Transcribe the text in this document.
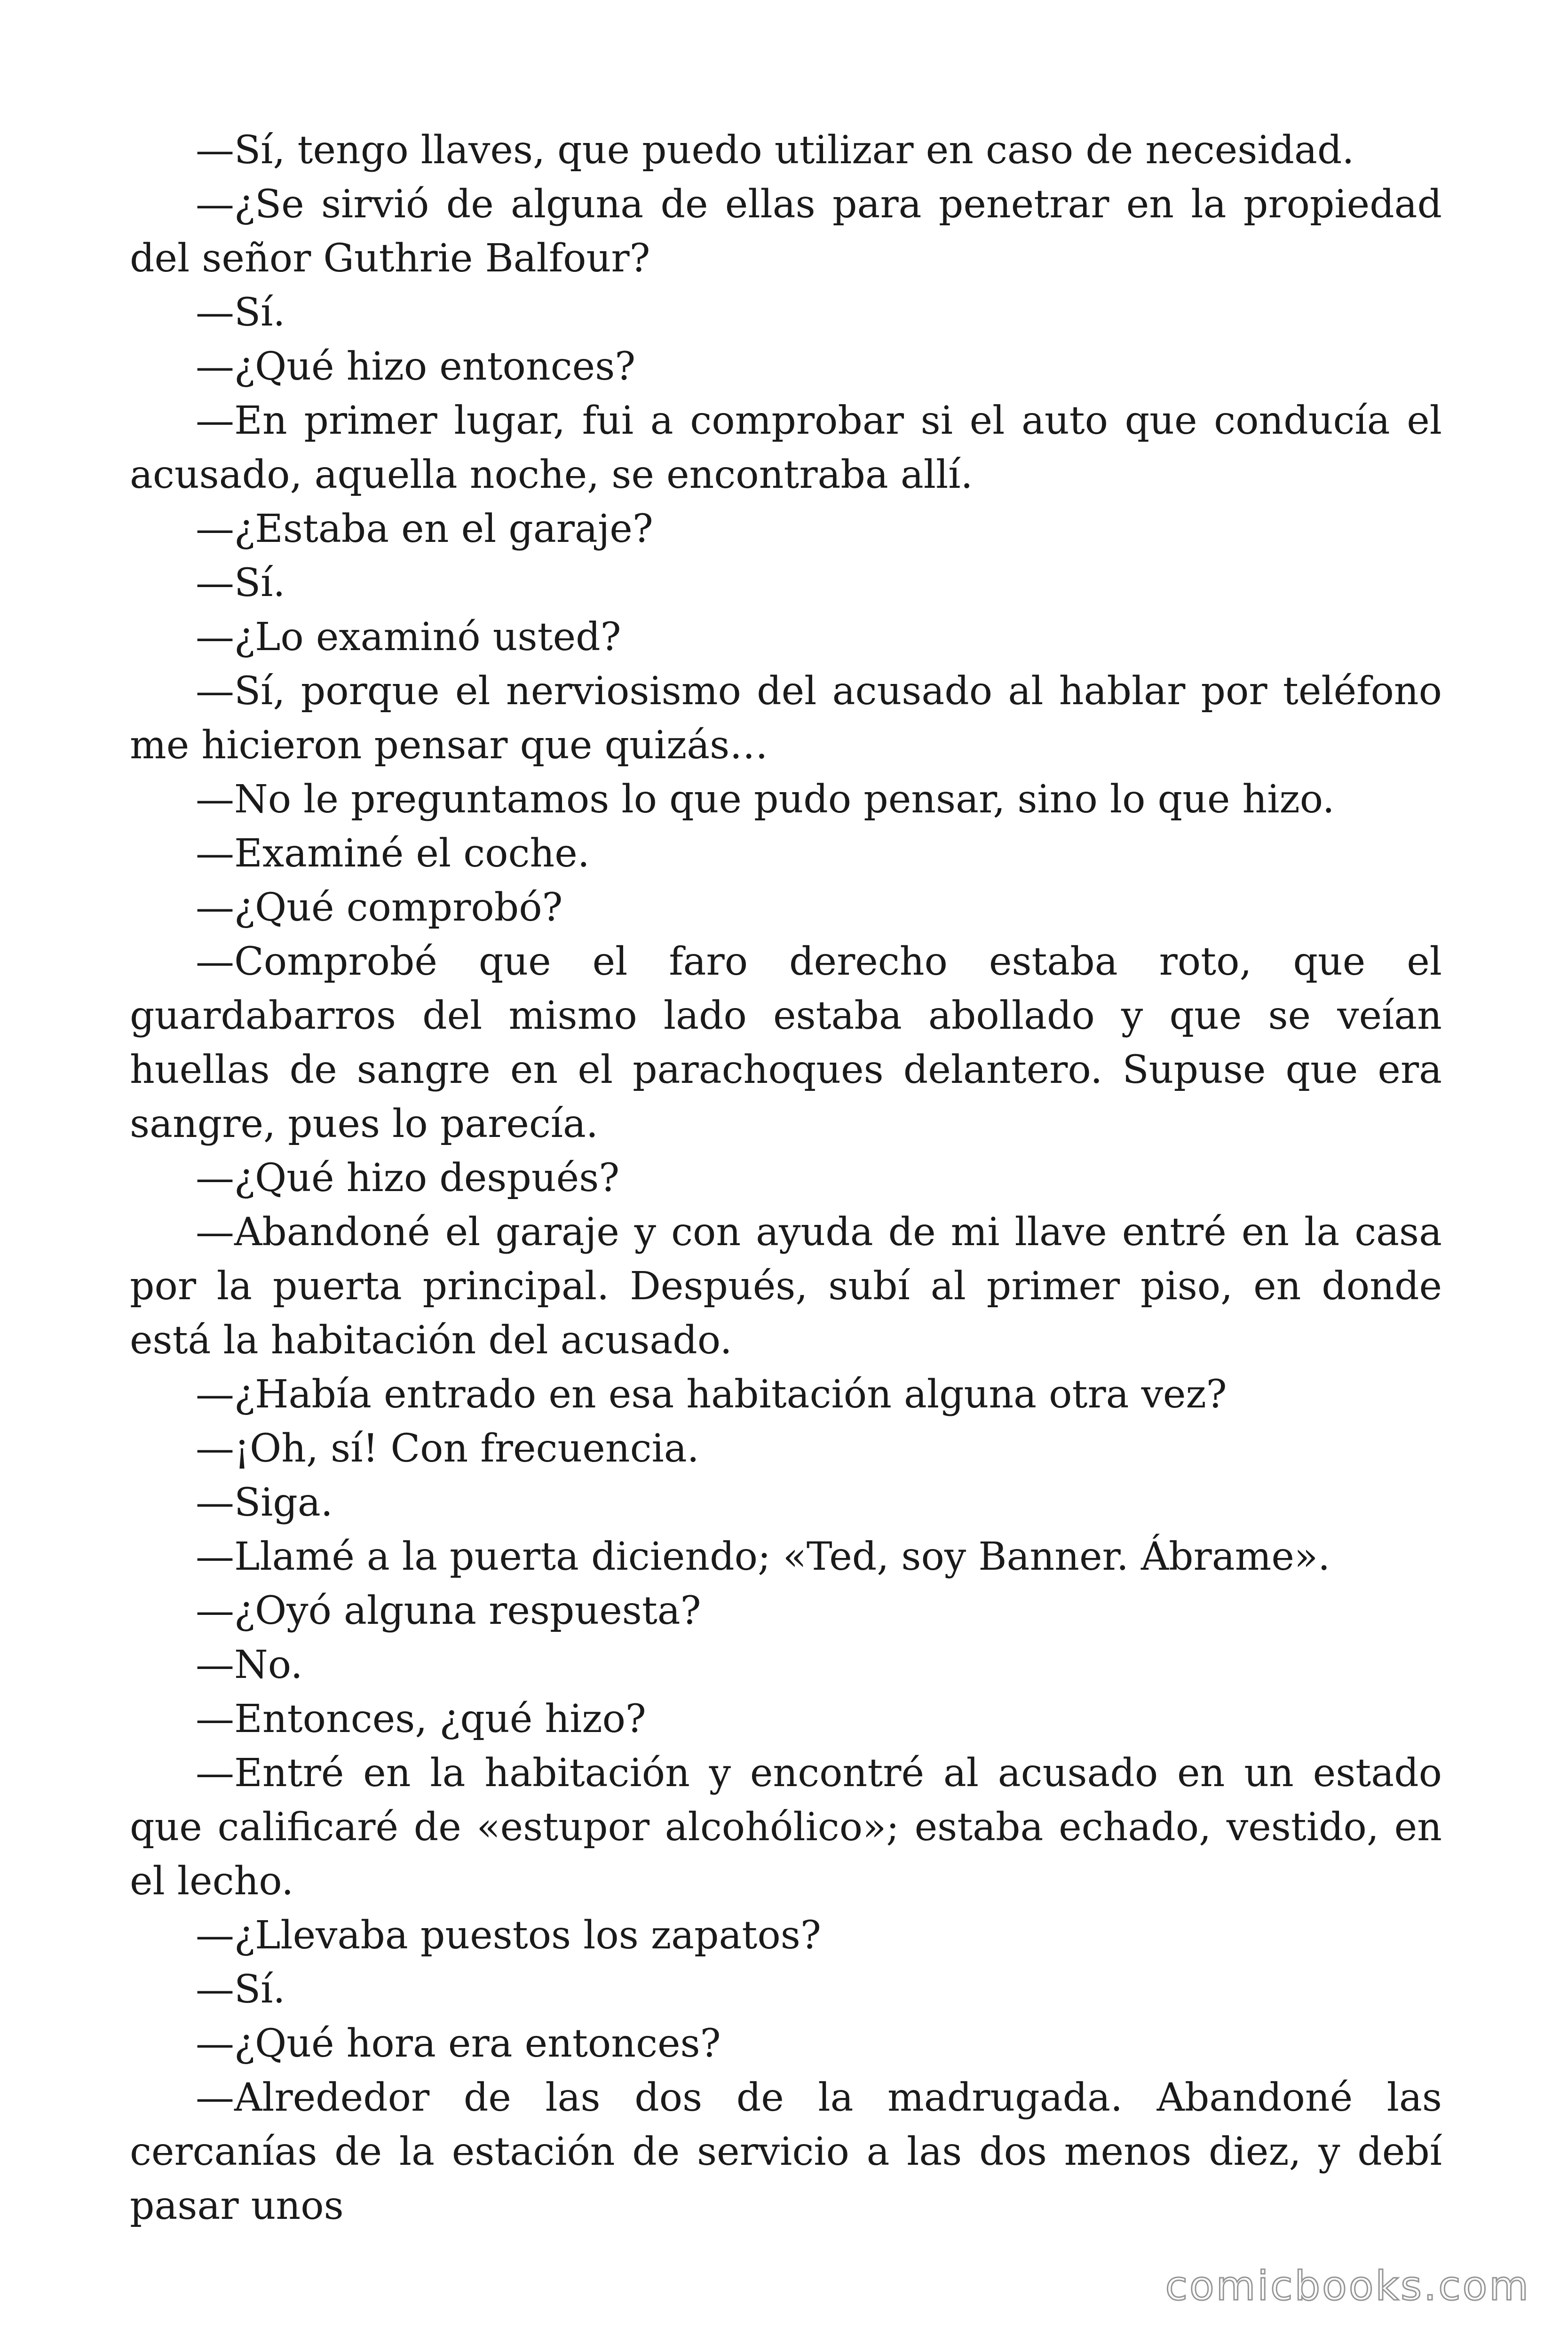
—Sí, tengo llaves, que puedo utilizar en caso de necesidad.

—¿Se sirvió de alguna de ellas para penetrar en la propiedad del señor Guthrie Balfour?

—Sí.

—¿Qué hizo entonces?

—En primer lugar, fui a comprobar si el auto que conducía el acusado, aquella noche, se encontraba allí.

—¿Estaba en el garaje?

—Sí.

—¿Lo examinó usted?

—Sí, porque el nerviosismo del acusado al hablar por teléfono me hicieron pensar que quizás…

—No le preguntamos lo que pudo pensar, sino lo que hizo.

—Examiné el coche.

—¿Qué comprobó?

—Comprobé que el faro derecho estaba roto, que el guardabarros del mismo lado estaba abollado y que se veían huellas de sangre en el parachoques delantero. Supuse que era sangre, pues lo parecía.

—¿Qué hizo después?

—Abandoné el garaje y con ayuda de mi llave entré en la casa por la puerta principal. Después, subí al primer piso, en donde está la habitación del acusado.

—¿Había entrado en esa habitación alguna otra vez?

—¡Oh, sí! Con frecuencia.

—Siga.

—Llamé a la puerta diciendo; «Ted, soy Banner. Ábrame».

—¿Oyó alguna respuesta?

—No.

—Entonces, ¿qué hizo?

—Entré en la habitación y encontré al acusado en un estado que calificaré de «estupor alcohólico»; estaba echado, vestido, en el lecho.

—¿Llevaba puestos los zapatos?

—Sí.

—¿Qué hora era entonces?

—Alrededor de las dos de la madrugada. Abandoné las cercanías de la estación de servicio a las dos menos diez, y debí pasar unos

comicbooks.com
